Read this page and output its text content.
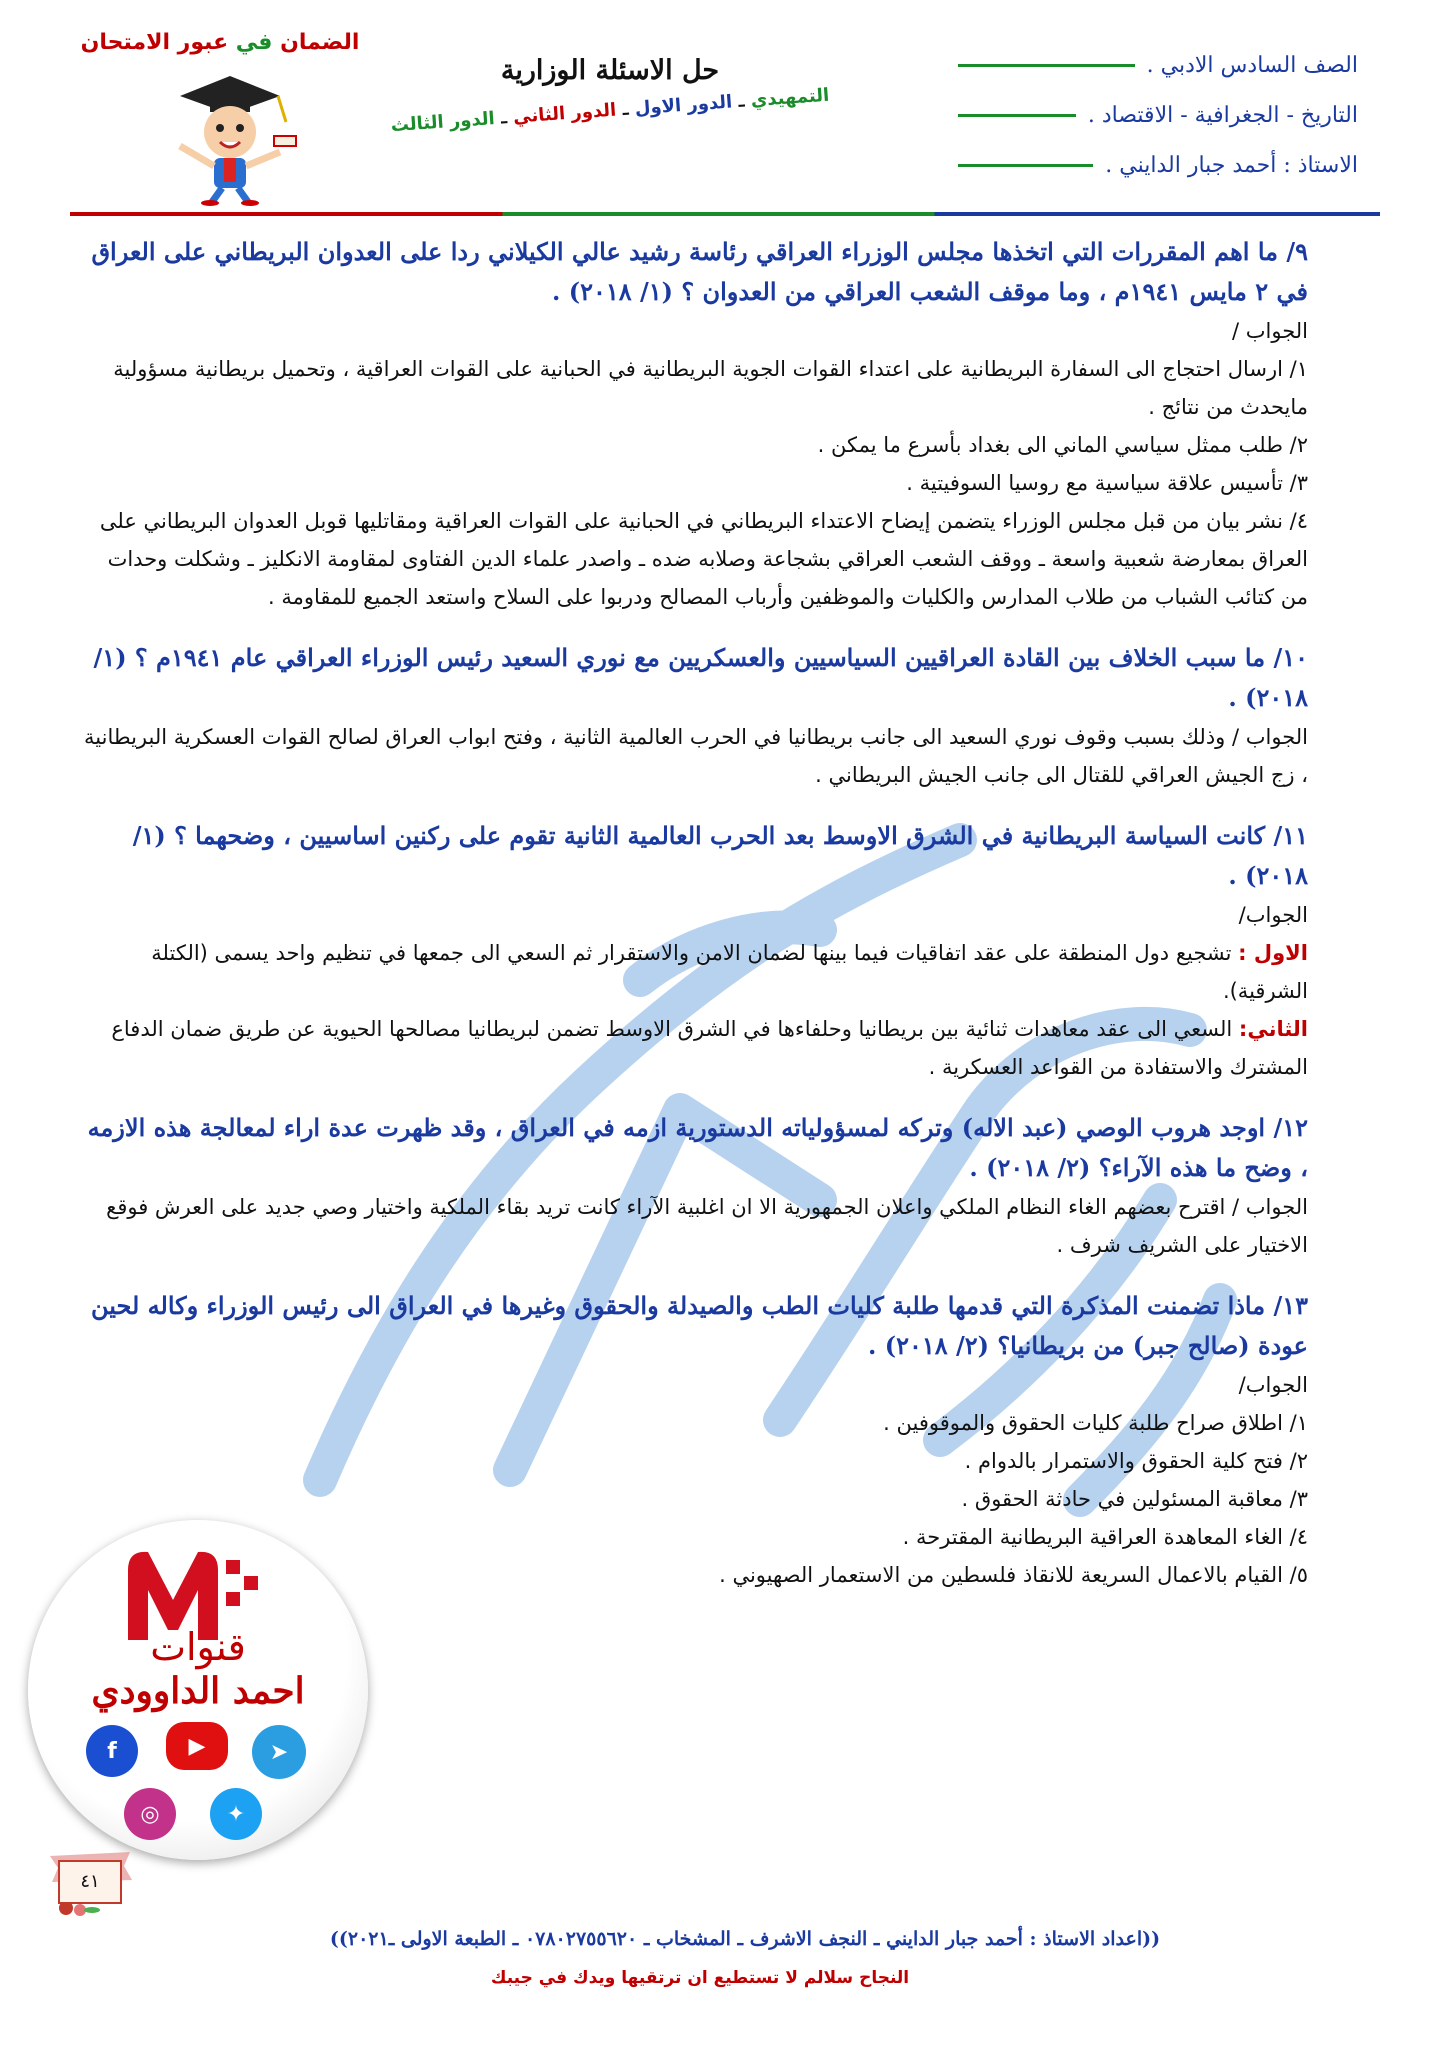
الصف السادس الادبي .
التاريخ - الجغرافية - الاقتصاد .
الاستاذ : أحمد جبار الدايني .
حل الاسئلة الوزارية
التمهيدي ـ الدور الاول ـ الدور الثاني ـ الدور الثالث
الضمان في عبور الامتحان

٩/ ما اهم المقررات التي اتخذها مجلس الوزراء العراقي رئاسة رشيد عالي الكيلاني ردا على العدوان البريطاني على العراق في ٢ مايس ١٩٤١م ، وما موقف الشعب العراقي من العدوان ؟ (١/ ٢٠١٨) .

الجواب /

١/ ارسال احتجاج الى السفارة البريطانية على اعتداء القوات الجوية البريطانية في الحبانية على القوات العراقية ، وتحميل بريطانية مسؤولية مايحدث من نتائج .

٢/ طلب ممثل سياسي الماني الى بغداد بأسرع ما يمكن .

٣/ تأسيس علاقة سياسية مع روسيا السوفيتية .

٤/ نشر بيان من قبل مجلس الوزراء يتضمن إيضاح الاعتداء البريطاني في الحبانية على القوات العراقية ومقاتليها قوبل العدوان البريطاني على العراق بمعارضة شعبية واسعة ـ ووقف الشعب العراقي بشجاعة وصلابه ضده ـ واصدر علماء الدين الفتاوى لمقاومة الانكليز ـ وشكلت وحدات من كتائب الشباب من طلاب المدارس والكليات والموظفين وأرباب المصالح ودربوا على السلاح واستعد الجميع للمقاومة .

١٠/ ما سبب الخلاف بين القادة العراقيين السياسيين والعسكريين مع نوري السعيد رئيس الوزراء العراقي عام ١٩٤١م ؟ (١/ ٢٠١٨) .

الجواب / وذلك بسبب وقوف نوري السعيد الى جانب بريطانيا في الحرب العالمية الثانية ، وفتح ابواب العراق لصالح القوات العسكرية البريطانية ، زج الجيش العراقي للقتال الى جانب الجيش البريطاني .

١١/ كانت السياسة البريطانية في الشرق الاوسط بعد الحرب العالمية الثانية تقوم على ركنين اساسيين ، وضحهما ؟ (١/ ٢٠١٨) .

الجواب/

الاول : تشجيع دول المنطقة على عقد اتفاقيات فيما بينها لضمان الامن والاستقرار ثم السعي الى جمعها في تنظيم واحد يسمى (الكتلة الشرقية).

الثاني: السعي الى عقد معاهدات ثنائية بين بريطانيا وحلفاءها في الشرق الاوسط تضمن لبريطانيا مصالحها الحيوية عن طريق ضمان الدفاع المشترك والاستفادة من القواعد العسكرية .

١٢/ اوجد هروب الوصي (عبد الاله) وتركه لمسؤولياته الدستورية ازمه في العراق ، وقد ظهرت عدة اراء لمعالجة هذه الازمه ، وضح ما هذه الآراء؟ (٢/ ٢٠١٨) .

الجواب / اقترح بعضهم الغاء النظام الملكي واعلان الجمهورية الا ان اغلبية الآراء كانت تريد بقاء الملكية واختيار وصي جديد على العرش فوقع الاختيار على الشريف شرف .

١٣/ ماذا تضمنت المذكرة التي قدمها طلبة كليات الطب والصيدلة والحقوق وغيرها في العراق الى رئيس الوزراء وكاله لحين عودة (صالح جبر) من بريطانيا؟ (٢/ ٢٠١٨) .

الجواب/

١/ اطلاق صراح طلبة كليات الحقوق والموقوفين .

٢/ فتح كلية الحقوق والاستمرار بالدوام .

٣/ معاقبة المسئولين في حادثة الحقوق .

٤/ الغاء المعاهدة العراقية البريطانية المقترحة .

٥/ القيام بالاعمال السريعة للانقاذ فلسطين من الاستعمار الصهيوني .

قنوات
احمد الداوودي
f	▶	➤
◎	✦
٤١
((اعداد الاستاذ : أحمد جبار الدايني ـ النجف الاشرف ـ المشخاب ـ ٠٧٨٠٢٧٥٥٦٢٠ ـ الطبعة الاولى ـ٢٠٢١))
النجاح سلالم لا تستطيع ان ترتقيها ويدك في جيبك
